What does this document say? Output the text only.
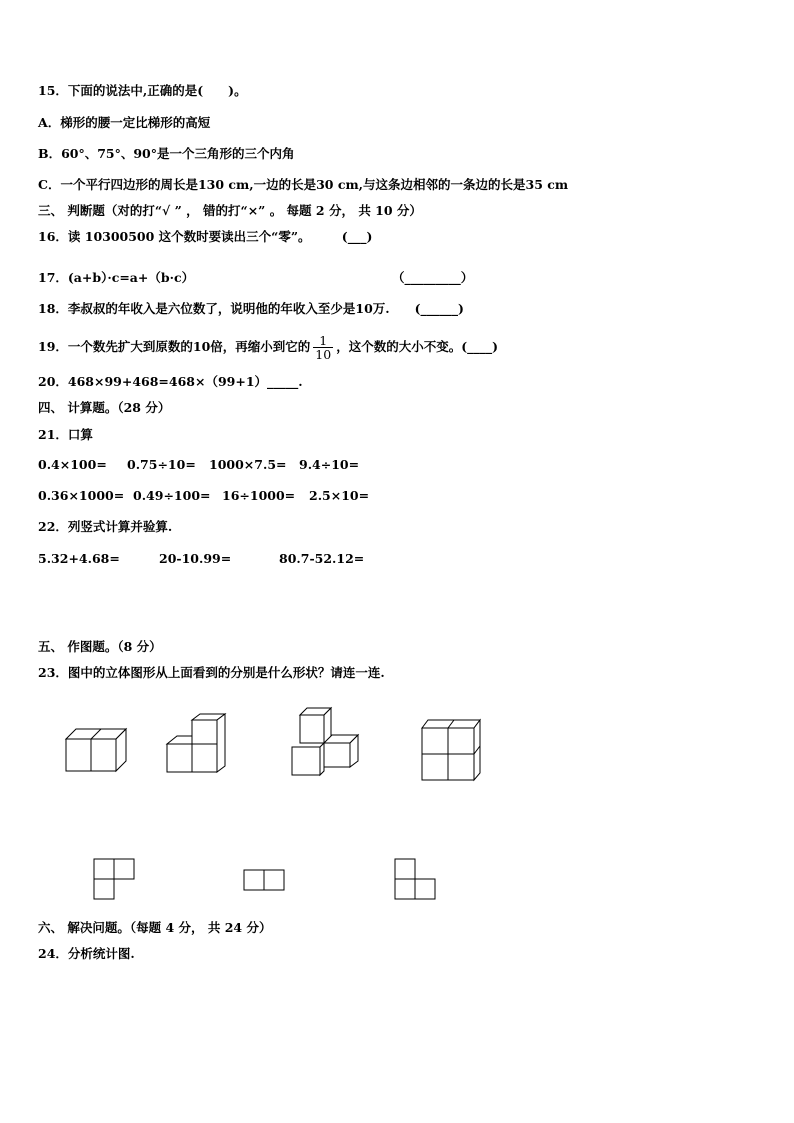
15．下面的说法中,正确的是(　　)。
A．梯形的腰一定比梯形的高短
B．60°、75°、90°是一个三角形的三个内角
C．一个平行四边形的周长是130 cm,一边的长是30 cm,与这条边相邻的一条边的长是35 cm
三、 判断题（对的打“√ ” ， 错的打“×” 。 每题 2 分， 共 10 分）
16．读 10300500 这个数时要读出三个“零”。　　　(___)
17．(a+b）·c=a+（b·c）	（_________）
18．李叔叔的年收入是六位数了，说明他的年收入至少是10万.　　(______)
19．一个数先扩大到原数的10倍，再缩小到它的 $\frac{1}{10}$ ，这个数的大小不变。(____)
20．468×99+468=468×（99+1）_____.
四、 计算题。（28 分）
21．口算
0.4×100= 0.75÷10= 1000×7.5= 9.4÷10=
0.36×1000= 0.49÷100= 16÷1000= 2.5×10=
22．列竖式计算并验算.
5.32+4.68=	20-10.99=	80.7-52.12=
五、 作图题。（8 分）
23．图中的立体图形从上面看到的分别是什么形状？请连一连.
六、 解决问题。（每题 4 分， 共 24 分）
24．分析统计图.
